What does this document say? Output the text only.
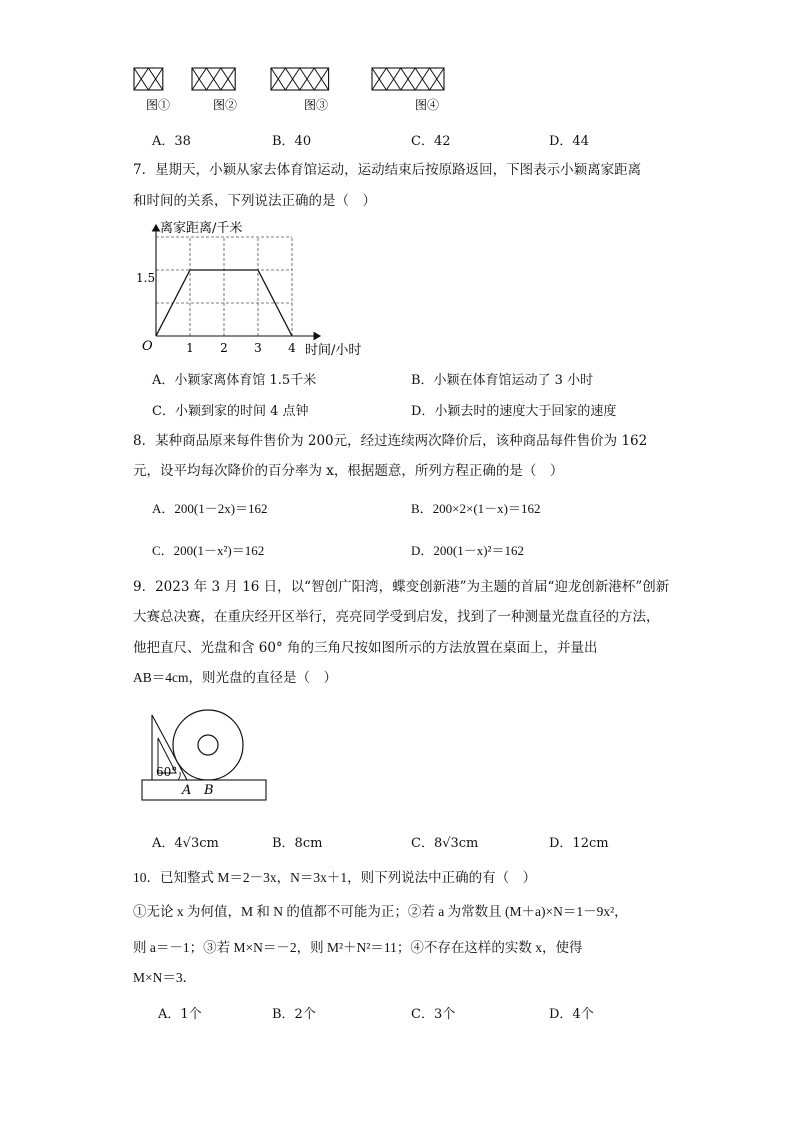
图①	图②	图③	图④
A．38	B．40	C．42	D．44
7．星期天，小颖从家去体育馆运动，运动结束后按原路返回，下图表示小颖离家距离
和时间的关系，下列说法正确的是（　）
离家距离/千米
时间/小时
O
1.5
1 2 3 4
A．小颖家离体育馆 1.5千米	B．小颖在体育馆运动了 3 小时
C．小颖到家的时间 4 点钟	D．小颖去时的速度大于回家的速度
8．某种商品原来每件售价为 200元，经过连续两次降价后，该种商品每件售价为 162
元，设平均每次降价的百分率为 x，根据题意，所列方程正确的是（　）
A．200(1－2x)＝162	B．200×2×(1－x)＝162
C．200(1－x²)＝162	D．200(1－x)²＝162
9．2023 年 3 月 16 日，以“智创广阳湾，蝶变创新港”为主题的首届“迎龙创新港杯”创新
大赛总决赛，在重庆经开区举行，亮亮同学受到启发，找到了一种测量光盘直径的方法，
他把直尺、光盘和含 60° 角的三角尺按如图所示的方法放置在桌面上，并量出
AB＝4cm，则光盘的直径是（　）
60°
A B
A．4√3cm	B．8cm	C．8√3cm	D．12cm
10．已知整式 M＝2－3x，N＝3x＋1，则下列说法中正确的有（　）
①无论 x 为何值，M 和 N 的值都不可能为正；②若 a 为常数且 (M＋a)×N＝1－9x²，
则 a＝－1；③若 M×N＝－2，则 M²＋N²＝11；④不存在这样的实数 x，使得
M×N＝3．
A．1个	B．2个	C．3个	D．4个
